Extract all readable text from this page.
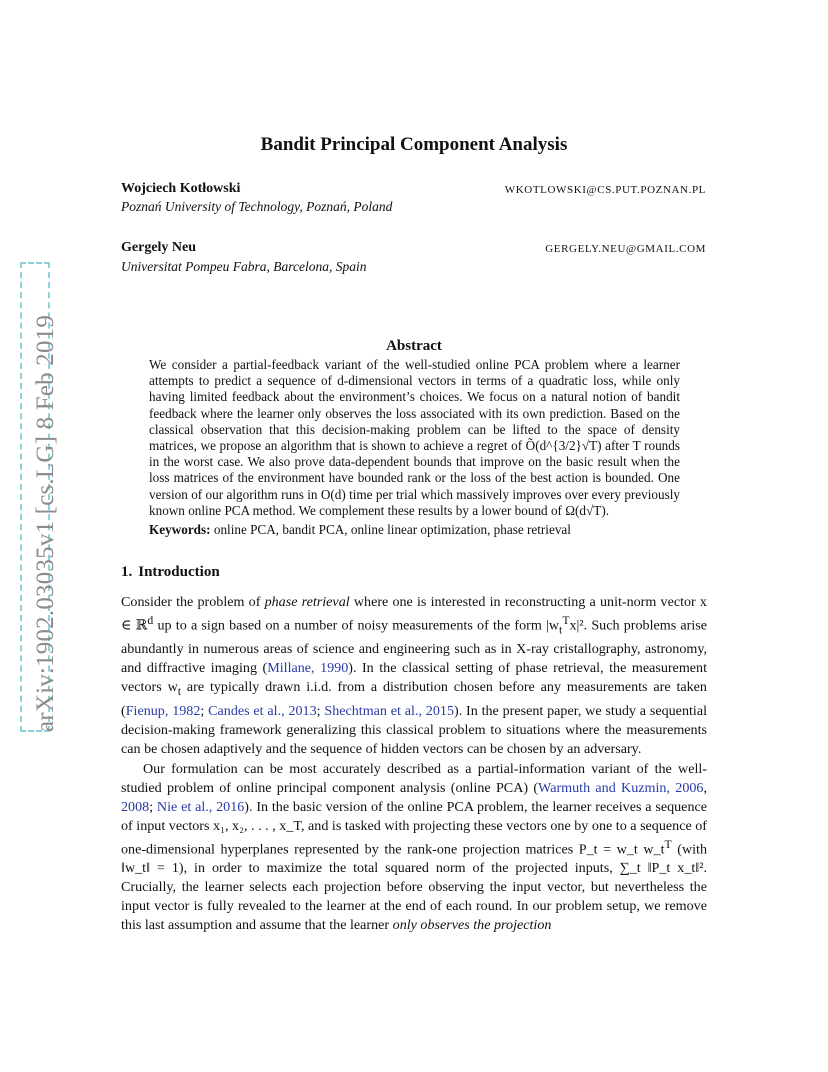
arXiv:1902.03035v1 [cs.LG] 8 Feb 2019
Bandit Principal Component Analysis
Wojciech Kotłowski	WKOTLOWSKI@CS.PUT.POZNAN.PL
Poznań University of Technology, Poznań, Poland
Gergely Neu	GERGELY.NEU@GMAIL.COM
Universitat Pompeu Fabra, Barcelona, Spain
Abstract
We consider a partial-feedback variant of the well-studied online PCA problem where a learner attempts to predict a sequence of d-dimensional vectors in terms of a quadratic loss, while only having limited feedback about the environment’s choices. We focus on a natural notion of bandit feedback where the learner only observes the loss associated with its own prediction. Based on the classical observation that this decision-making problem can be lifted to the space of density matrices, we propose an algorithm that is shown to achieve a regret of Õ(d^{3/2}√T) after T rounds in the worst case. We also prove data-dependent bounds that improve on the basic result when the loss matrices of the environment have bounded rank or the loss of the best action is bounded. One version of our algorithm runs in O(d) time per trial which massively improves over every previously known online PCA method. We complement these results by a lower bound of Ω(d√T).
Keywords: online PCA, bandit PCA, online linear optimization, phase retrieval
1. Introduction
Consider the problem of phase retrieval where one is interested in reconstructing a unit-norm vector x ∈ ℝ$^d$ up to a sign based on a number of noisy measurements of the form $|w_t^Tx|^2$. Such problems arise abundantly in numerous areas of science and engineering such as in X-ray cristallography, astronomy, and diffractive imaging (Millane, 1990). In the classical setting of phase retrieval, the measurement vectors $w_t$ are typically drawn i.i.d. from a distribution chosen before any measurements are taken (Fienup, 1982; Candes et al., 2013; Shechtman et al., 2015). In the present paper, we study a sequential decision-making framework generalizing this classical problem to situations where the measurements can be chosen adaptively and the sequence of hidden vectors can be chosen by an adversary.
Our formulation can be most accurately described as a partial-information variant of the well-studied problem of online principal component analysis (online PCA) (Warmuth and Kuzmin, 2006, 2008; Nie et al., 2016). In the basic version of the online PCA problem, the learner receives a sequence of input vectors x₁, x₂, . . . , x_T, and is tasked with projecting these vectors one by one to a sequence of one-dimensional hyperplanes represented by the rank-one projection matrices P_t = w_t $w\_t^T$ (with ‖w_t‖ = 1), in order to maximize the total squared norm of the projected inputs, ∑_t ‖P_t x_t‖². Crucially, the learner selects each projection before observing the input vector, but nevertheless the input vector is fully revealed to the learner at the end of each round. In our problem setup, we remove this last assumption and assume that the learner only observes the projection
